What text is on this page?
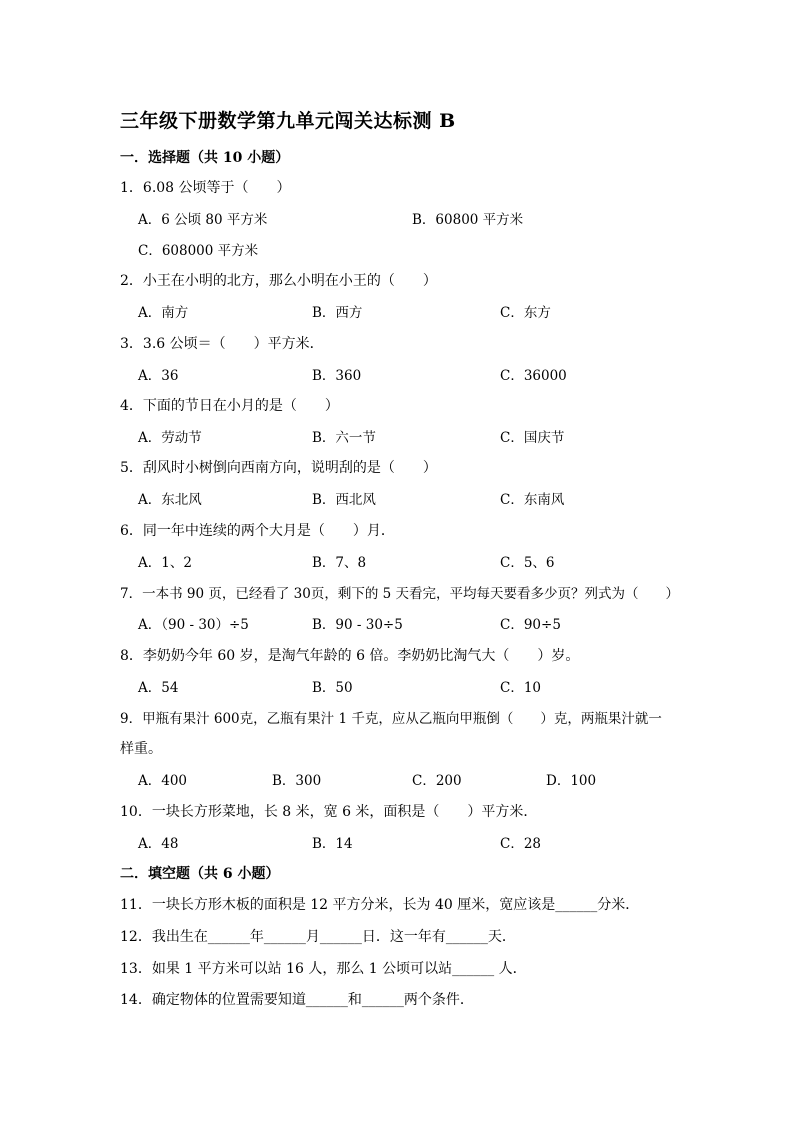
三年级下册数学第九单元闯关达标测 B
一．选择题（共 10 小题）
1．6.08 公顷等于（　　）
A．6 公顷 80 平方米	B．60800 平方米
C．608000 平方米
2．小王在小明的北方，那么小明在小王的（　　）
A．南方	B．西方	C．东方
3．3.6 公顷＝（　　）平方米．
A．36	B．360	C．36000
4．下面的节日在小月的是（　　）
A．劳动节	B．六一节	C．国庆节
5．刮风时小树倒向西南方向，说明刮的是（　　）
A．东北风	B．西北风	C．东南风
6．同一年中连续的两个大月是（　　）月．
A．1、2	B．7、8	C．5、6
7．一本书 90 页，已经看了 30页，剩下的 5 天看完，平均每天要看多少页？列式为（　　）
A．（90 - 30）÷5	B．90 - 30÷5	C．90÷5
8．李奶奶今年 60 岁，是淘气年龄的 6 倍。李奶奶比淘气大（　　）岁。
A．54	B．50	C．10
9．甲瓶有果汁 600克，乙瓶有果汁 1 千克，应从乙瓶向甲瓶倒（　　）克，两瓶果汁就一
样重。
A．400	B．300	C．200	D．100
10．一块长方形菜地，长 8 米，宽 6 米，面积是（　　）平方米．
A．48	B．14	C．28
二．填空题（共 6 小题）
11．一块长方形木板的面积是 12 平方分米，长为 40 厘米，宽应该是______分米．
12．我出生在______年______月______日．这一年有______天．
13．如果 1 平方米可以站 16 人，那么 1 公顷可以站______ 人．
14．确定物体的位置需要知道______和______两个条件．
